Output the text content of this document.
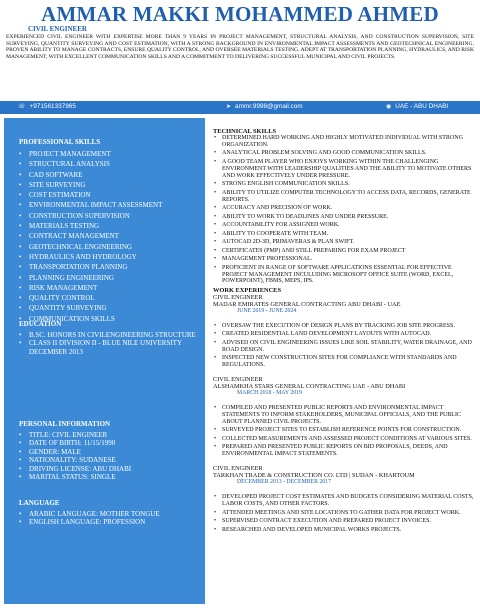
AMMAR MAKKI MOHAMMED AHMED
CIVIL ENGINEER
EXPERIENCED CIVIL ENGINEER WITH EXPERTISE MORE THAN 9 YEARS IN PROJECT MANAGEMENT, STRUCTURAL ANALYSIS, AND CONSTRUCTION SUPERVISION, SITE SURVEYING, QUANTITY SURVEYING AND COST ESTIMATION, WITH A STRONG BACKGROUND IN ENVIRONMENTAL IMPACT ASSESSMENTS AND GEOTECHNICAL ENGINEERING, PROVEN ABILITY TO MANAGE CONTRACTS, ENSURE QUALITY CONTROL, AND OVERSEE MATERIALS TESTING. ADEPT AT TRANSPORTATION PLANNING, HYDRAULICS, AND RISK MANAGEMENT, WITH EXCELLENT COMMUNICATION SKILLS AND A COMMITMENT TO DELIVERING SUCCESSFUL MUNICIPAL AND CIVIL PROJECTS.
☏ +971561337965	➤ ammr.9998@gmail.com	◉ UAE - ABU DHABI
PROFESSIONAL SKILLS
• PROJECT MANAGEMENT
• STRUCTURAL ANALYSIS
• CAD SOFTWARE
• SITE SURVEYING
• COST ESTIMATION
• ENVIRONMENTAL IMPACT ASSESSMENT
• CONSTRUCTION SUPERVISION
• MATERIALS TESTING
• CONTRACT MANAGEMENT
• GEOTECHNICAL ENGINEERING
• HYDRAULICS AND HYDROLOGY
• TRANSPORTATION PLANNING
• PLANNING ENGINEERING
• RISK MANAGEMENT
• QUALITY CONTROL
• QUANTITY SURVEYING
• COMMUNICATION SKILLS
EDUCATION
• B.SC. HONORS IN CIVILENGINEERING STRUCTURE
• CLASS II DIVISION II - BLUE NILE UNIVERSITY DECEMBER 2013
PERSONAL INFORMATION
• TITLE: CIVIL ENGINEER
• DATE OF BIRTH: 11/15/1990
• GENDER: MALE
• NATIONALITY: SUDANESE
• DRIVING LICENSE: ABU DHABI
• MARITAL STATUS: SINGLE
LANGUAGE
• ARABIC LANGUAGE: MOTHER TONGUE
• ENGLISH LANGUAGE: PROFESSION
TECHNICAL SKILLS
• DETERMINED HARD WORKING AND HIGHLY MOTIVATED INDIVIDUAL WITH STRONG ORGANIZATION.
• ANALYTICAL PROBLEM SOLVING AND GOOD COMMUNICATION SKILLS.
• A GOOD TEAM PLAYER WHO ENJOYS WORKING WITHIN THE CHALLENGING ENVIRONMENT WITH LEADERSHIP QUALITIES AND THE ABILITY TO MOTIVATE OTHERS AND WORK EFFECTIVELY UNDER PRESSURE.
• STRONG ENGLISH COMMUNICATION SKILLS.
• ABILITY TO UTILIZE COMPUTER TECHNOLOGY TO ACCESS DATA, RECORDS, GENERATE REPORTS.
• ACCURACY AND PRECISION OF WORK.
• ABILITY TO WORK TO DEADLINES AND UNDER PRESSURE.
• ACCOUNTABILITY FOR ASSIGNED WORK.
• ABILITY TO COOPERATE WITH TEAM.
• AUTOCAD 2D-3D, PRIMAVERAS & PLAN SWIFT.
• CERTIFICATES (PMP) AND STILL PREPARING FOR EXAM PROJECT
• MANAGEMENT PROFESSIONAL.
• PROFICIENT IN RANGE OF SOFTWARE APPLICATIONS ESSENTIAL FOR EFFECTIVE PROJECT MANAGEMENT INCULUDING MICROSOFT OFFICE SUITE (WORD, EXCEL, POWERPOINT), FBMS, MEPS, IPS.
WORK EXPERIENCES
CIVIL ENGINEER
MADAR EMIRATES GENERAL CONTRACTING ABU DHABI - UAE
JUNE 2019 - JUNE 2024
• OVERSAW THE EXECUTION OF DESIGN PLANS BY TRACKING JOB SITE PROGRESS.
• CREATED RESIDENTIAL LAND DEVELOPMENT LAYOUTS WITH AUTOCAD.
• ADVISED ON CIVIL ENGINEERING ISSUES LIKE SOIL STABILITY, WATER DRAINAGE, AND ROAD DESIGN.
• INSPECTED NEW CONSTRUCTION SITES FOR COMPLIANCE WITH STANDARDS AND REGULATIONS.
CIVIL ENGINEER
ALSHAMKHA STARS GENERAL CONTRACTING UAE - ABU DHABI
MARCH 2018 - MAY 2019
• COMPILED AND PRESENTED PUBLIC REPORTS AND ENVIRONMENTAL IMPACT STATEMENTS TO INFORM STAKEHOLDERS, MUNICIPAL OFFICIALS, AND THE PUBLIC ABOUT PLANNED CIVIL PROJECTS.
• SURVEYED PROJECT SITES TO ESTABLISH REFERENCE POINTS FOR CONSTRUCTION.
• COLLECTED MEASUREMENTS AND ASSESSED PROJECT CONDITIONS AT VARIOUS SITES.
• PREPARED AND PRESENTED PUBLIC REPORTS ON BID PROPOSALS, DEEDS, AND ENVIRONMENTAL IMPACT STATEMENTS.
CIVIL ENGINEER
TARKHAN TRADE & CONSTRUCTION CO. LTD | SUDAN - KHARTOUM
DECEMBER 2013 - DECEMBER 2017
• DEVELOPED PROJECT COST ESTIMATES AND BUDGETS CONSIDERING MATERIAL COSTS, LABOR COSTS, AND OTHER FACTORS.
• ATTENDED MEETINGS AND SITE LOCATIONS TO GATHER DATA FOR PROJECT WORK.
• SUPERVISED CONTRACT EXECUTION AND PREPARED PROJECT INVOICES.
• RESEARCHED AND DEVELOPED MUNICIPAL WORKS PROJECTS.
